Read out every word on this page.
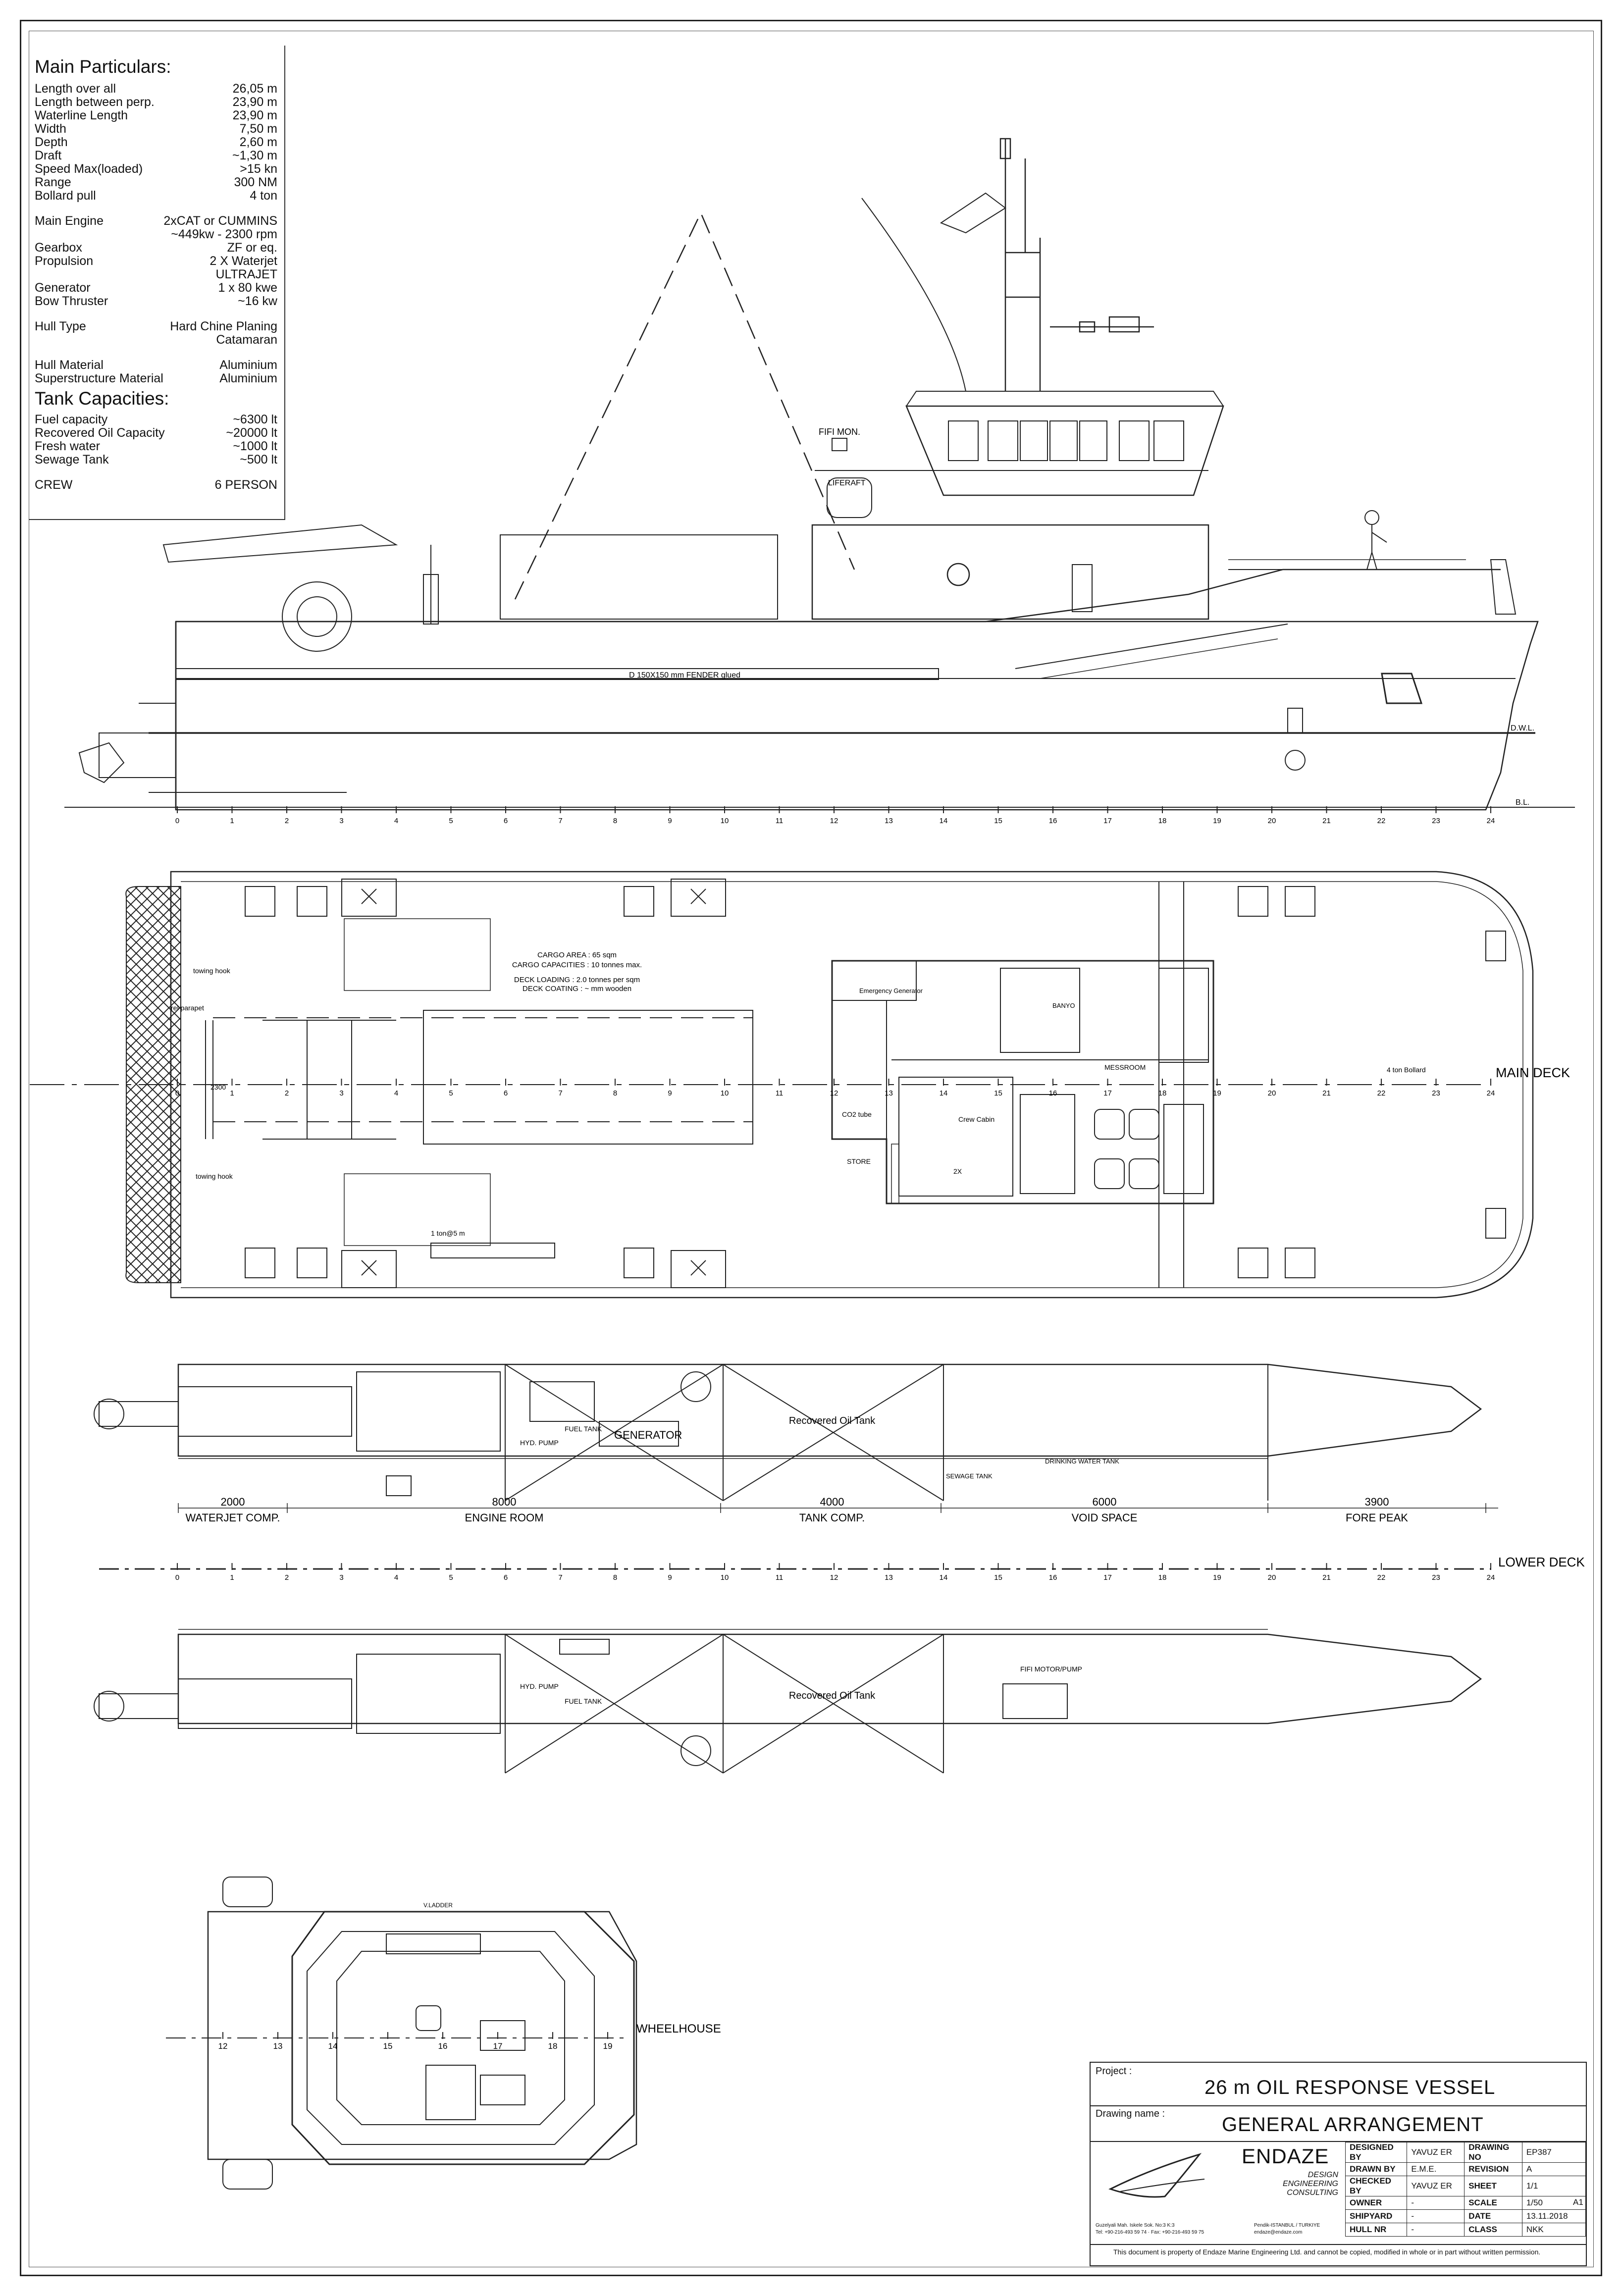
Main Particulars:
Length over all	26,05 m
Length between perp.	23,90 m
Waterline Length	23,90 m
Width	7,50 m
Depth	2,60 m
Draft	~1,30 m
Speed Max(loaded)	>15 kn
Range	300 NM
Bollard pull	4 ton
Main Engine	2xCAT or CUMMINS
~449kw - 2300 rpm
Gearbox	ZF or eq.
Propulsion	2 X Waterjet
ULTRAJET
Generator	1 x 80 kwe
Bow Thruster	~16 kw
Hull Type	Hard Chine Planing
Catamaran
Hull Material	Aluminium
Superstructure Material	Aluminium
Tank Capacities:
Fuel capacity	~6300 lt
Recovered Oil Capacity	~20000 lt
Fresh water	~1000 lt
Sewage Tank	~500 lt
CREW	6 PERSON
FIFI MON.
LIFERAFT
D 150X150 mm FENDER glued
D.W.L.
B.L.
0	1	2	3	4	5	6	7	8	9	10	11	12	13	14	15	16	17	18	19	20	21	22	23	24
CARGO AREA : 65 sqm
CARGO CAPACITIES : 10 tonnes max.
DECK LOADING : 2.0 tonnes per sqm
DECK COATING : ~ mm wooden
MAIN DECK
towing hook
towing hook
rel parapet
2300
1 ton@5 m
Emergency Generator
BANYO
MESSROOM	4 ton Bollard
CO2 tube
STORE
Crew Cabin
2X
0	1	2	3	4	5	6	7	8	9	10	11	12	13	14	15	16	17	18	19	20	21	22	23	24
LOWER DECK
GENERATOR
HYD. PUMP
FUEL TANK
Recovered Oil Tank
SEWAGE TANK
DRINKING WATER TANK
2000
WATERJET COMP.
8000
ENGINE ROOM
4000
TANK COMP.
6000
VOID SPACE
3900
FORE PEAK
0	1	2	3	4	5	6	7	8	9	10	11	12	13	14	15	16	17	18	19	20	21	22	23	24
HYD. PUMP
FUEL TANK	Recovered Oil Tank
FIFI MOTOR/PUMP
WHEELHOUSE
V.LADDER
12	13	14	15	16	17	18	19
Project :
26 m OIL RESPONSE VESSEL
Drawing name :	GENERAL ARRANGEMENT
ENDAZE
DESIGN
ENGINEERING
CONSULTING
Guzelyali Mah. Iskele Sok. No:3 K:3
Tel: +90-216-493 59 74 · Fax: +90-216-493 59 75
Pendik-ISTANBUL / TURKIYE
endaze@endaze.com
DESIGNED BY	YAVUZ ER	DRAWING NO	EP387
DRAWN BY	E.M.E.	REVISION	A
CHECKED BY	YAVUZ ER	SHEET	1/1
OWNER	-	SCALE	1/50
SHIPYARD	-	DATE	13.11.2018
HULL NR	-	CLASS	NKK
This document is property of Endaze Marine Engineering Ltd. and cannot be copied, modified in whole or in part without written permission.
A1
